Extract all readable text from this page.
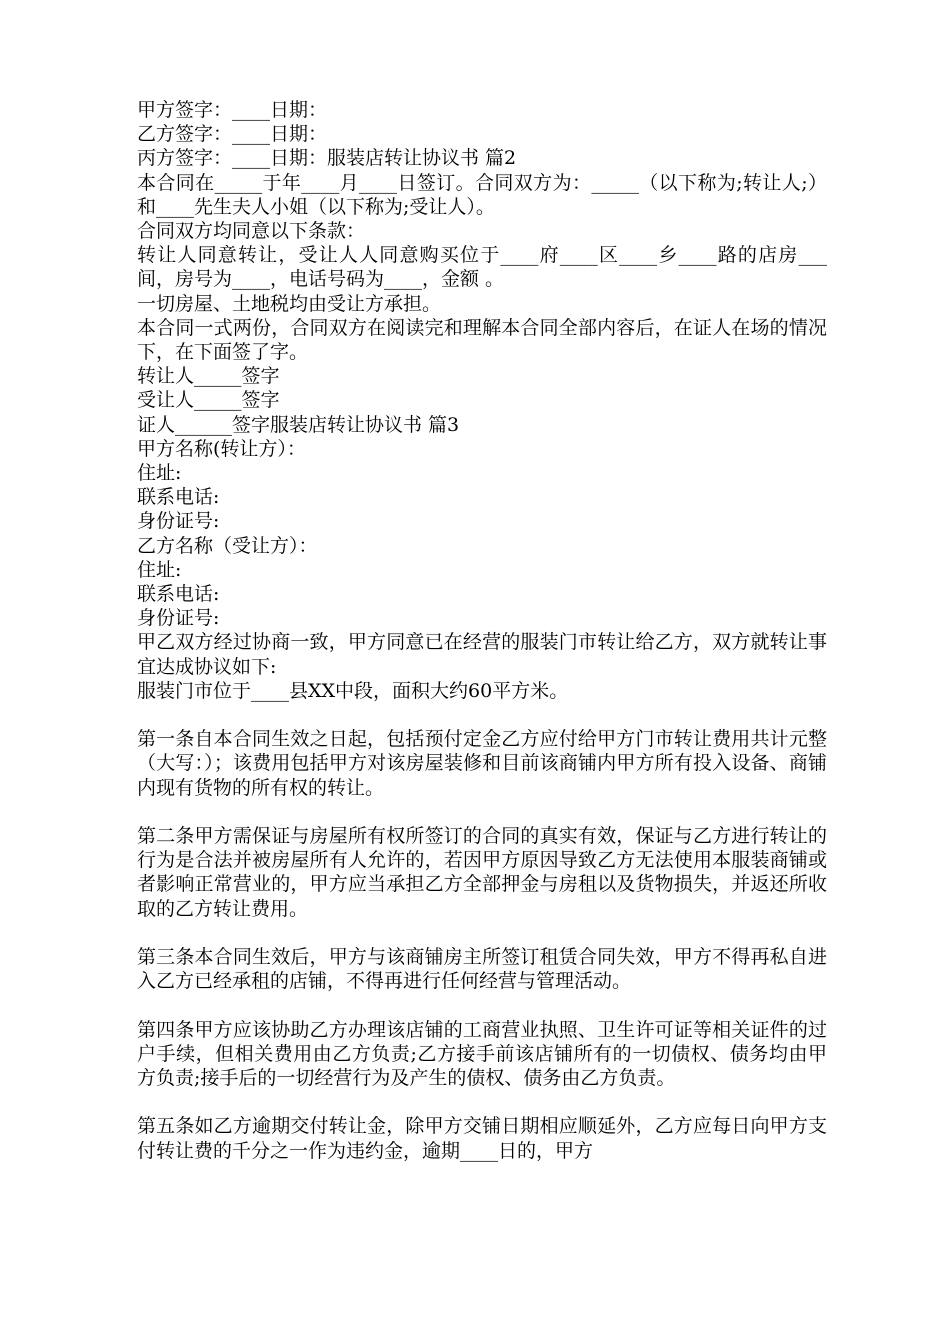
甲方签字：____日期：
乙方签字：____日期：
丙方签字：____日期：服装店转让协议书 篇2
本合同在_____于年____月____日签订。合同双方为：_____（以下称为;转让人;）和____先生夫人小姐（以下称为;受让人）。
合同双方均同意以下条款：
转让人同意转让，受让人人同意购买位于____府____区____乡____路的店房___间，房号为____，电话号码为____，金额 。
一切房屋、土地税均由受让方承担。
本合同一式两份，合同双方在阅读完和理解本合同全部内容后，在证人在场的情况下，在下面签了字。
转让人_____签字
受让人_____签字
证人______签字服装店转让协议书 篇3
甲方名称(转让方）：
住址:
联系电话:
身份证号:
乙方名称（受让方）：
住址:
联系电话:
身份证号:
甲乙双方经过协商一致，甲方同意已在经营的服装门市转让给乙方，双方就转让事宜达成协议如下:
服装门市位于____县XX中段，面积大约60平方米。
第一条自本合同生效之日起，包括预付定金乙方应付给甲方门市转让费用共计元整（大写：）；该费用包括甲方对该房屋装修和目前该商铺内甲方所有投入设备、商铺内现有货物的所有权的转让。
第二条甲方需保证与房屋所有权所签订的合同的真实有效，保证与乙方进行转让的行为是合法并被房屋所有人允许的，若因甲方原因导致乙方无法使用本服装商铺或者影响正常营业的，甲方应当承担乙方全部押金与房租以及货物损失，并返还所收取的乙方转让费用。
第三条本合同生效后，甲方与该商铺房主所签订租赁合同失效，甲方不得再私自进入乙方已经承租的店铺，不得再进行任何经营与管理活动。
第四条甲方应该协助乙方办理该店铺的工商营业执照、卫生许可证等相关证件的过户手续，但相关费用由乙方负责;乙方接手前该店铺所有的一切债权、债务均由甲方负责;接手后的一切经营行为及产生的债权、债务由乙方负责。
第五条如乙方逾期交付转让金，除甲方交铺日期相应顺延外，乙方应每日向甲方支付转让费的千分之一作为违约金，逾期____日的，甲方
